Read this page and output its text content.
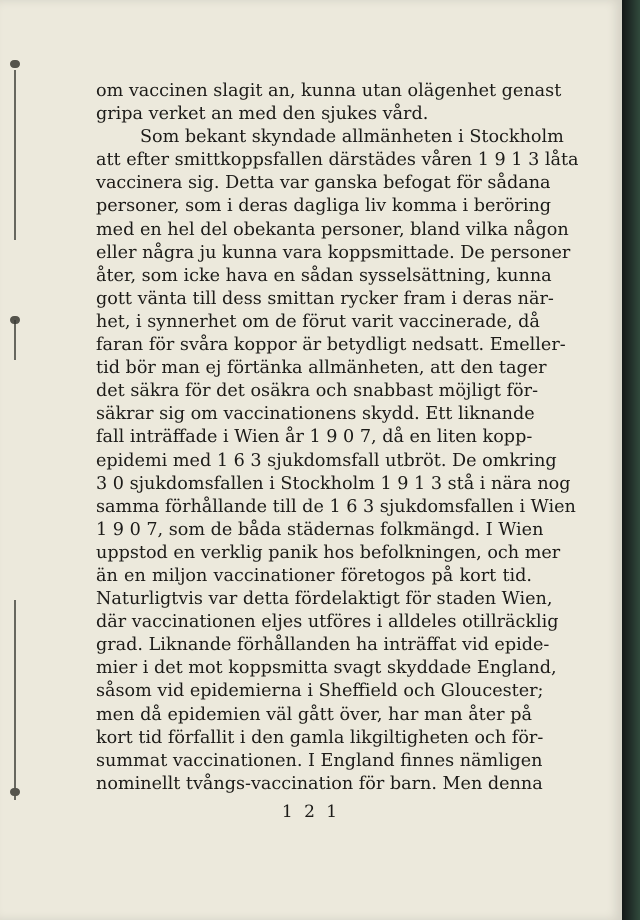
om vaccinen slagit an, kunna utan olägenhet genast
gripa verket an med den sjukes vård.
Som bekant skyndade allmänheten i Stockholm
att efter smittkoppsfallen därstädes våren 1 9 1 3 låta
vaccinera sig. Detta var ganska befogat för sådana
personer, som i deras dagliga liv komma i beröring
med en hel del obekanta personer, bland vilka någon
eller några ju kunna vara koppsmittade. De personer
åter, som icke hava en sådan sysselsättning, kunna
gott vänta till dess smittan rycker fram i deras när-
het, i synnerhet om de förut varit vaccinerade, då
faran för svåra koppor är betydligt nedsatt. Emeller-
tid bör man ej förtänka allmänheten, att den tager
det säkra för det osäkra och snabbast möjligt för-
säkrar sig om vaccinationens skydd. Ett liknande
fall inträffade i Wien år 1 9 0 7, då en liten kopp-
epidemi med 1 6 3 sjukdomsfall utbröt. De omkring
3 0 sjukdomsfallen i Stockholm 1 9 1 3 stå i nära nog
samma förhållande till de 1 6 3 sjukdomsfallen i Wien
1 9 0 7, som de båda städernas folkmängd. I Wien
uppstod en verklig panik hos befolkningen, och mer
än en miljon vaccinationer företogos på kort tid.
Naturligtvis var detta fördelaktigt för staden Wien,
där vaccinationen eljes utföres i alldeles otillräcklig
grad. Liknande förhållanden ha inträffat vid epide-
mier i det mot koppsmitta svagt skyddade England,
såsom vid epidemierna i Sheffield och Gloucester;
men då epidemien väl gått över, har man åter på
kort tid förfallit i den gamla likgiltigheten och för-
summat vaccinationen. I England finnes nämligen
nominellt tvångs-vaccination för barn. Men denna
1 2 1
